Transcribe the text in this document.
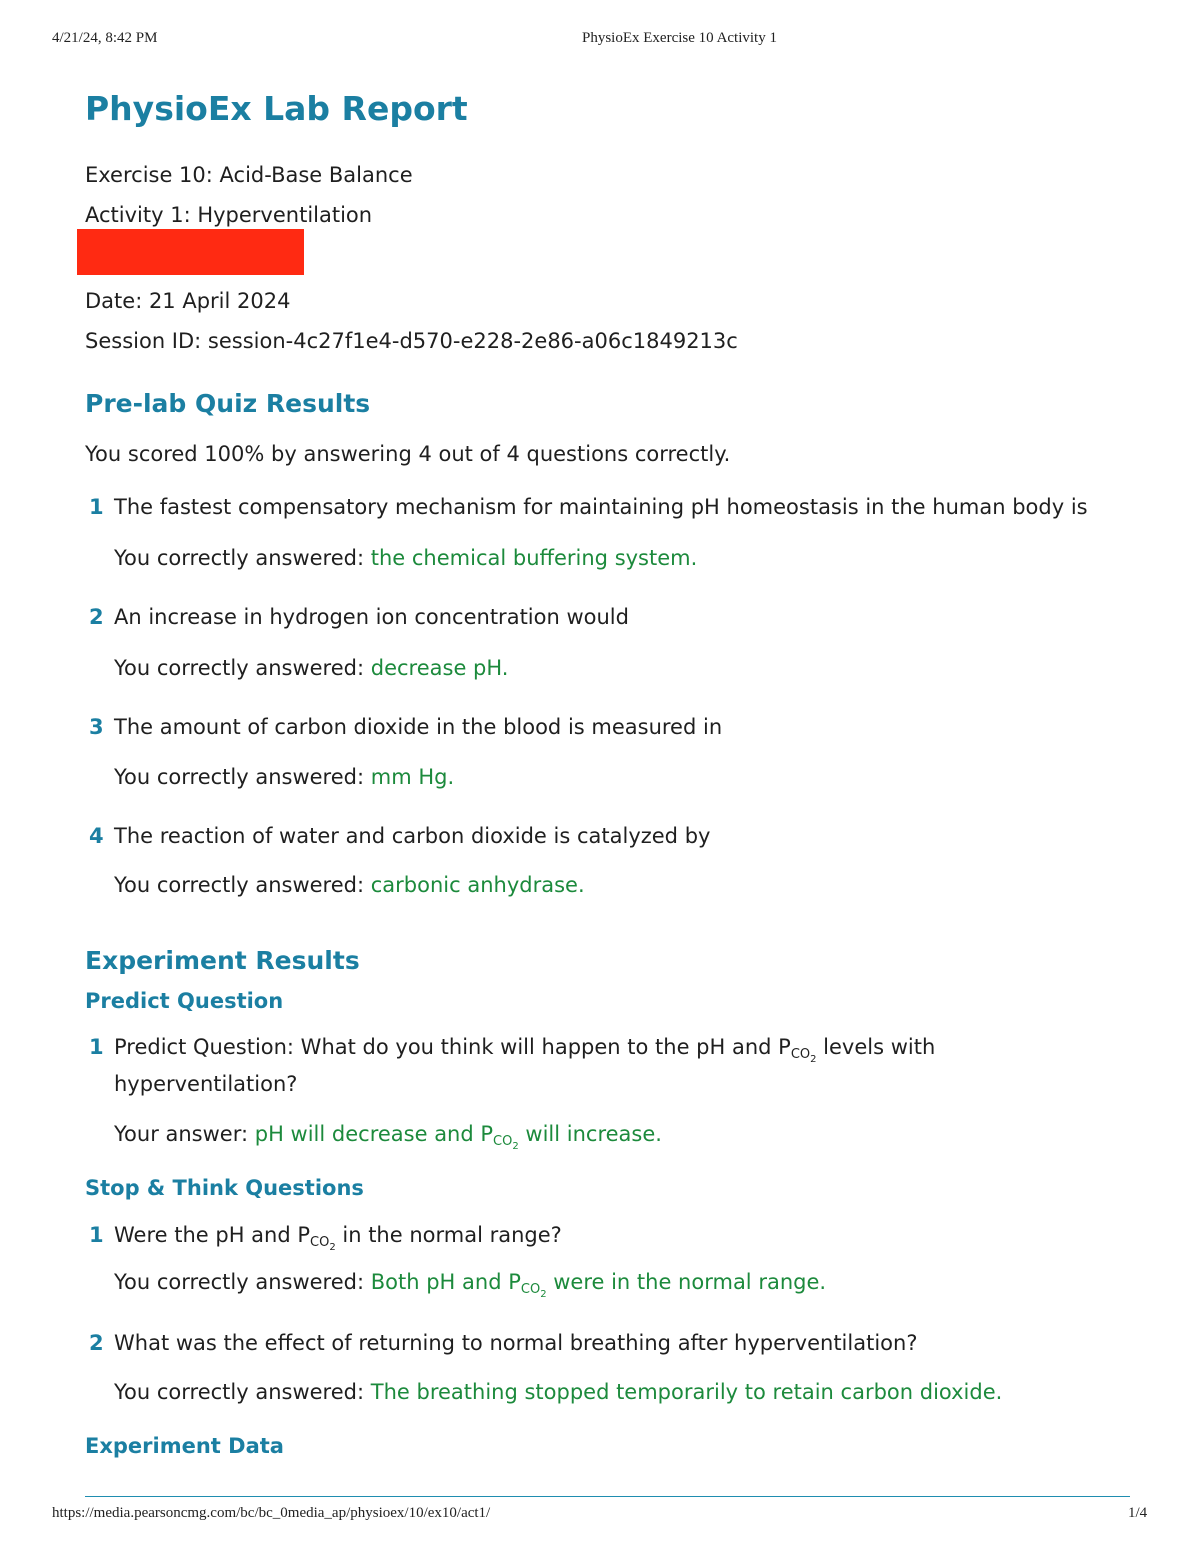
4/21/24, 8:42 PM	PhysioEx Exercise 10 Activity 1
PhysioEx Lab Report
Exercise 10: Acid-Base Balance
Activity 1: Hyperventilation
Date: 21 April 2024
Session ID: session-4c27f1e4-d570-e228-2e86-a06c1849213c
Pre-lab Quiz Results
You scored 100% by answering 4 out of 4 questions correctly.
1 The fastest compensatory mechanism for maintaining pH homeostasis in the human body is
You correctly answered: the chemical buffering system.
2 An increase in hydrogen ion concentration would
You correctly answered: decrease pH.
3 The amount of carbon dioxide in the blood is measured in
You correctly answered: mm Hg.
4 The reaction of water and carbon dioxide is catalyzed by
You correctly answered: carbonic anhydrase.
Experiment Results
Predict Question
1 Predict Question: What do you think will happen to the pH and $P_{CO_2}$ levels with
hyperventilation?
Your answer: pH will decrease and $P_{CO_2}$ will increase.
Stop & Think Questions
1 Were the pH and $P_{CO_2}$ in the normal range?
You correctly answered: Both pH and $P_{CO_2}$ were in the normal range.
2 What was the effect of returning to normal breathing after hyperventilation?
You correctly answered: The breathing stopped temporarily to retain carbon dioxide.
Experiment Data
https://media.pearsoncmg.com/bc/bc_0media_ap/physioex/10/ex10/act1/	1/4
